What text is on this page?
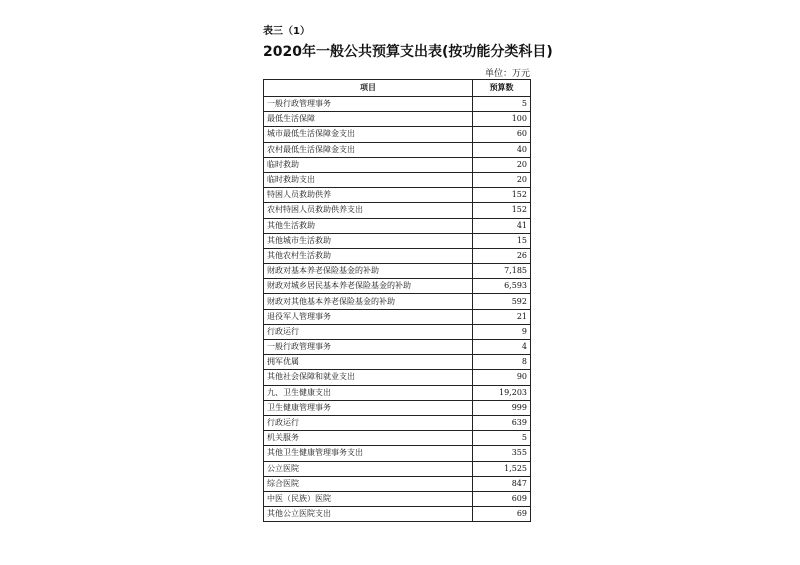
表三（1）
2020年一般公共预算支出表(按功能分类科目)
单位：万元
项目	预算数
一般行政管理事务	5
最低生活保障	100
城市最低生活保障金支出	60
农村最低生活保障金支出	40
临时救助	20
临时救助支出	20
特困人员救助供养	152
农村特困人员救助供养支出	152
其他生活救助	41
其他城市生活救助	15
其他农村生活救助	26
财政对基本养老保险基金的补助	7,185
财政对城乡居民基本养老保险基金的补助	6,593
财政对其他基本养老保险基金的补助	592
退役军人管理事务	21
行政运行	9
一般行政管理事务	4
拥军优属	8
其他社会保障和就业支出	90
九、卫生健康支出	19,203
卫生健康管理事务	999
行政运行	639
机关服务	5
其他卫生健康管理事务支出	355
公立医院	1,525
综合医院	847
中医（民族）医院	609
其他公立医院支出	69
